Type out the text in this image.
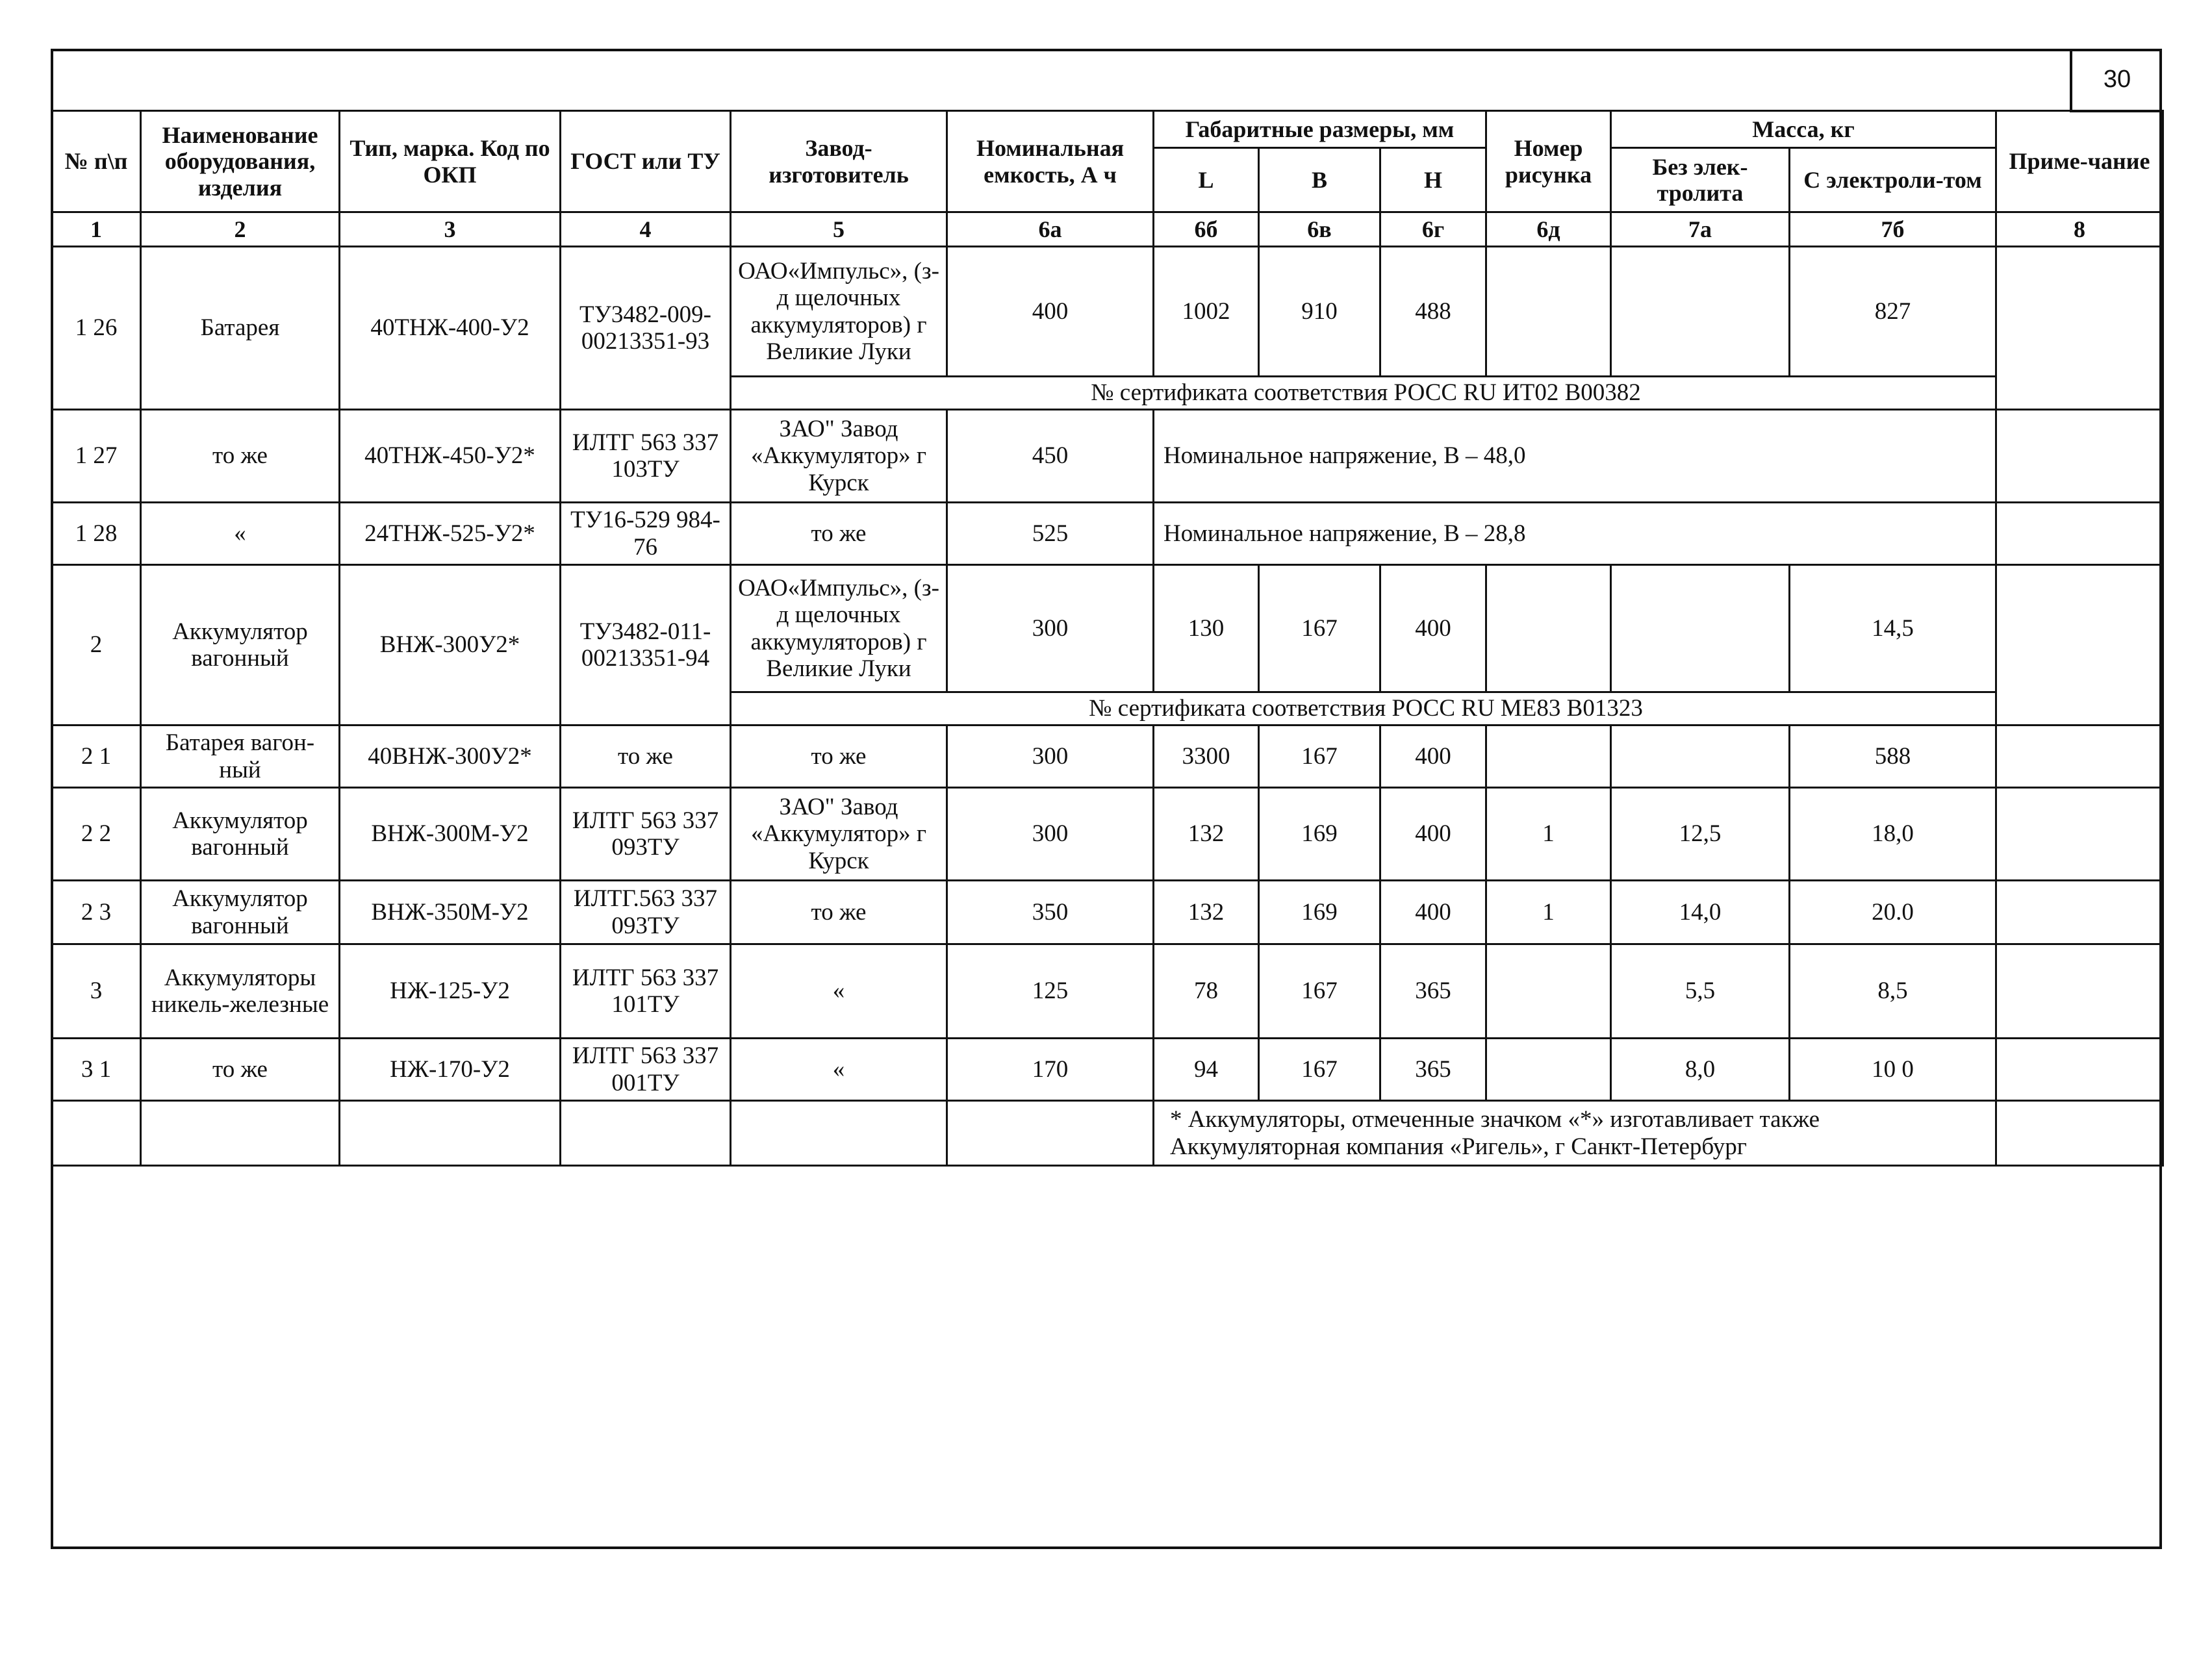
30
№ п\п	Наименование оборудования, изделия	Тип, марка. Код по ОКП	ГОСТ или ТУ	Завод-изготовитель	Номинальная емкость, А ч	Габаритные размеры, мм			Номер рисунка	Масса, кг		Приме-чание
						L	B	H		Без элек-тролита	С электроли-том	
1	2	3	4	5	6а	6б	6в	6г	6д	7а	7б	8
1 26	Батарея	40ТНЖ-400-У2	ТУ3482-009-00213351-93	ОАО«Импульс», (з-д щелочных аккумуляторов) г Великие Луки	400	1002	910	488			827	
				№ сертификата соответствия РОСС RU ИТ02 В00382								
1 27	то же	40ТНЖ-450-У2*	ИЛТГ 563 337 103ТУ	ЗАО" Завод «Аккумулятор» г Курск	450	Номинальное напряжение, В – 48,0						
1 28	«	24ТНЖ-525-У2*	ТУ16-529 984-76	то же	525	Номинальное напряжение, В – 28,8						
2	Аккумулятор вагонный	ВНЖ-300У2*	ТУ3482-011-00213351-94	ОАО«Импульс», (з-д щелочных аккумуляторов) г Великие Луки	300	130	167	400			14,5	
				№ сертификата соответствия РОСС RU МЕ83 В01323								
2 1	Батарея вагон-ный	40ВНЖ-300У2*	то же	то же	300	3300	167	400			588	
2 2	Аккумулятор вагонный	ВНЖ-300М-У2	ИЛТГ 563 337 093ТУ	ЗАО" Завод «Аккумулятор» г Курск	300	132	169	400	1	12,5	18,0	
2 3	Аккумулятор вагонный	ВНЖ-350М-У2	ИЛТГ.563 337 093ТУ	то же	350	132	169	400	1	14,0	20.0	
3	Аккумуляторы никель-железные	НЖ-125-У2	ИЛТГ 563 337 101ТУ	«	125	78	167	365		5,5	8,5	
3 1	то же	НЖ-170-У2	ИЛТГ 563 337 001ТУ	«	170	94	167	365		8,0	10 0	
						* Аккумуляторы, отмеченные значком «*» изготавливает также Аккумуляторная компания «Ригель», г Санкт-Петербург						
